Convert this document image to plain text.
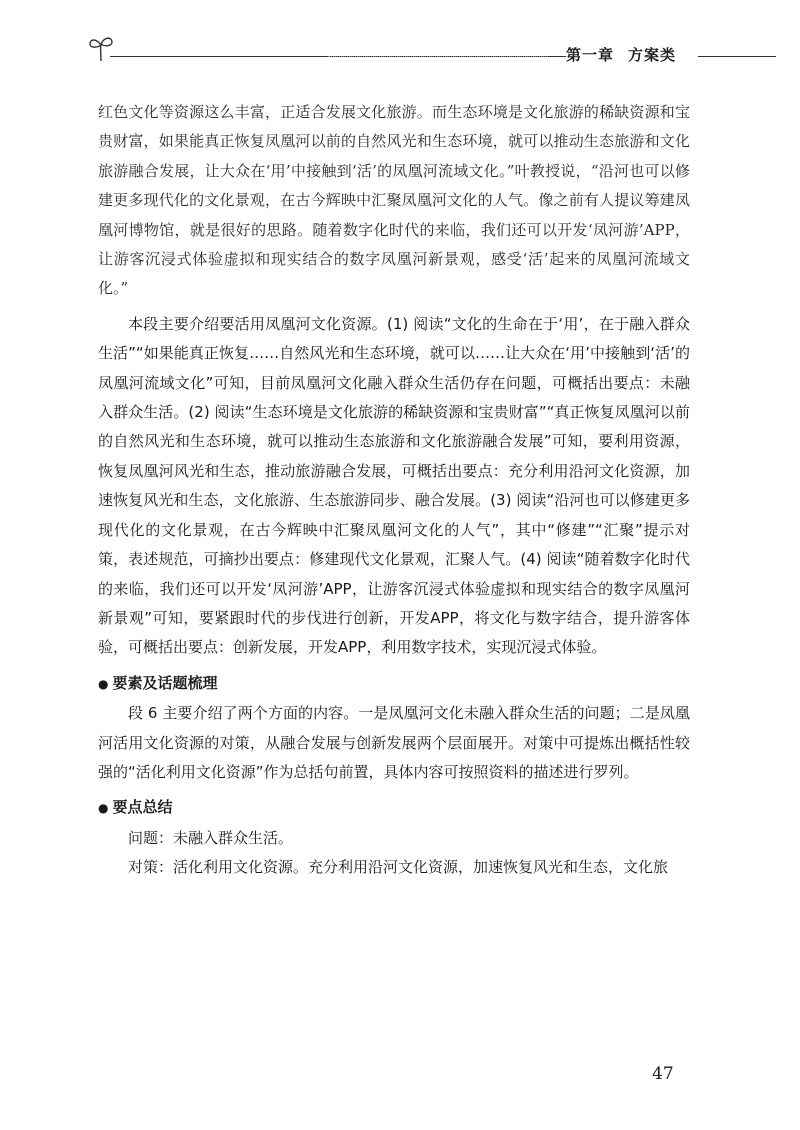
第一章 方案类

红色文化等资源这么丰富，正适合发展文化旅游。而生态环境是文化旅游的稀缺资源和宝贵财富，如果能真正恢复凤凰河以前的自然风光和生态环境，就可以推动生态旅游和文化旅游融合发展，让大众在‘用’中接触到‘活’的凤凰河流域文化。”叶教授说，“沿河也可以修建更多现代化的文化景观，在古今辉映中汇聚凤凰河文化的人气。像之前有人提议筹建凤凰河博物馆，就是很好的思路。随着数字化时代的来临，我们还可以开发‘凤河游’APP，让游客沉浸式体验虚拟和现实结合的数字凤凰河新景观，感受‘活’起来的凤凰河流域文化。”

本段主要介绍要活用凤凰河文化资源。(1) 阅读“文化的生命在于‘用’，在于融入群众生活”“如果能真正恢复……自然风光和生态环境，就可以……让大众在‘用’中接触到‘活’的凤凰河流域文化”可知，目前凤凰河文化融入群众生活仍存在问题，可概括出要点：未融入群众生活。(2) 阅读“生态环境是文化旅游的稀缺资源和宝贵财富”“真正恢复凤凰河以前的自然风光和生态环境，就可以推动生态旅游和文化旅游融合发展”可知，要利用资源，恢复凤凰河风光和生态，推动旅游融合发展，可概括出要点：充分利用沿河文化资源，加速恢复风光和生态，文化旅游、生态旅游同步、融合发展。(3) 阅读“沿河也可以修建更多现代化的文化景观，在古今辉映中汇聚凤凰河文化的人气”，其中“修建”“汇聚”提示对策，表述规范，可摘抄出要点：修建现代文化景观，汇聚人气。(4) 阅读“随着数字化时代的来临，我们还可以开发‘凤河游’APP，让游客沉浸式体验虚拟和现实结合的数字凤凰河新景观”可知，要紧跟时代的步伐进行创新，开发APP，将文化与数字结合，提升游客体验，可概括出要点：创新发展，开发APP，利用数字技术，实现沉浸式体验。

● 要素及话题梳理

段 6 主要介绍了两个方面的内容。一是凤凰河文化未融入群众生活的问题；二是凤凰河活用文化资源的对策，从融合发展与创新发展两个层面展开。对策中可提炼出概括性较强的“活化利用文化资源”作为总括句前置，具体内容可按照资料的描述进行罗列。

● 要点总结

问题：未融入群众生活。

对策：活化利用文化资源。充分利用沿河文化资源，加速恢复风光和生态，文化旅

47
